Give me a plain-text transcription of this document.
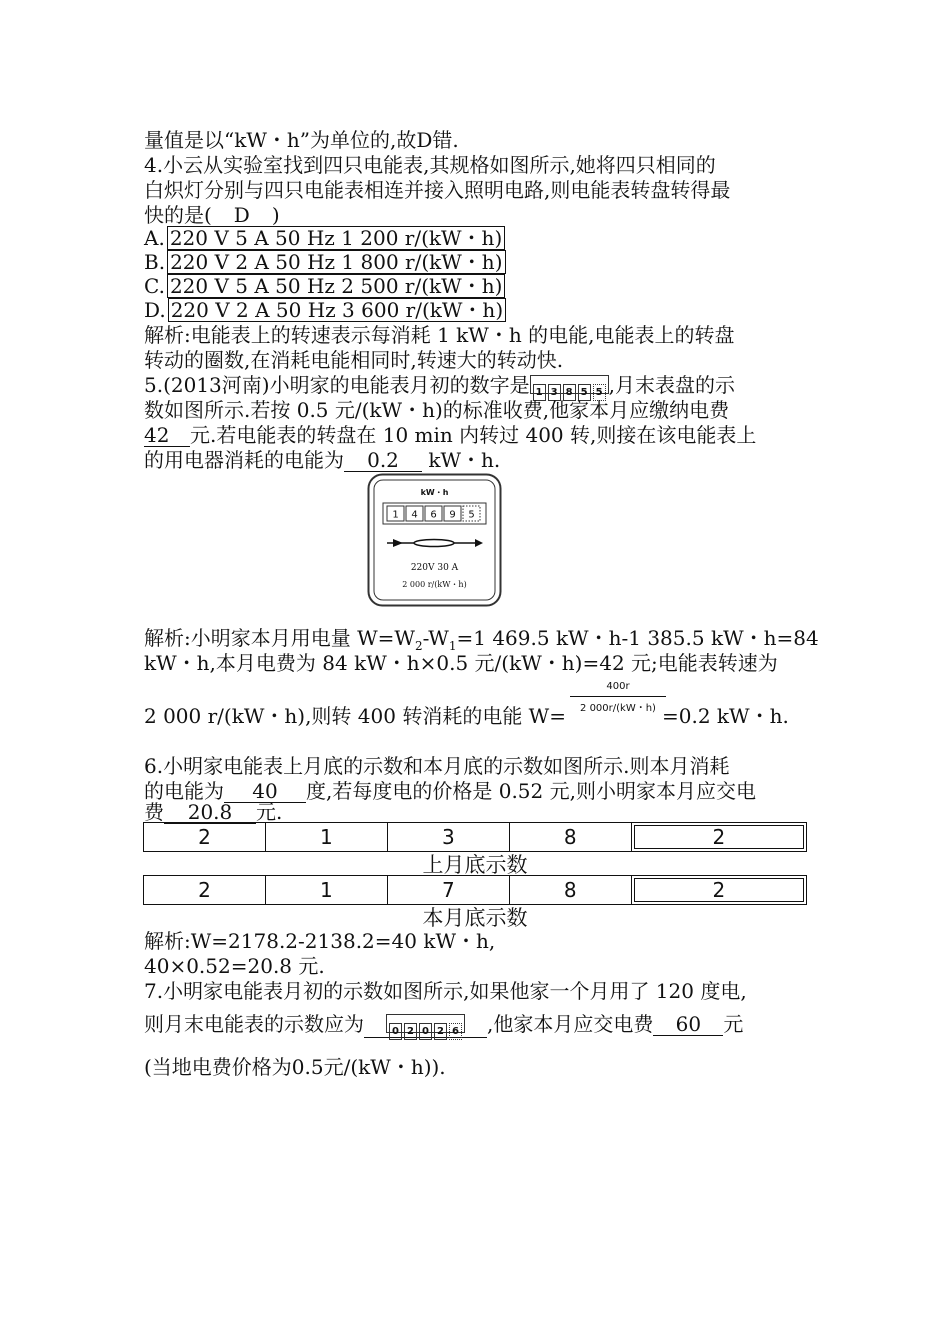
量值是以“kW・h”为单位的,故D错.
4.小云从实验室找到四只电能表,其规格如图所示,她将四只相同的
白炽灯分别与四只电能表相连并接入照明电路,则电能表转盘转得最
快的是( D )
A. 220 V 5 A 50 Hz 1 200 r/(kW・h)
B. 220 V 2 A 50 Hz 1 800 r/(kW・h)
C. 220 V 5 A 50 Hz 2 500 r/(kW・h)
D. 220 V 2 A 50 Hz 3 600 r/(kW・h)
解析:电能表上的转速表示每消耗 1 kW・h 的电能,电能表上的转盘
转动的圈数,在消耗电能相同时,转速大的转动快.
5.(2013河南)小明家的电能表月初的数字是 1 3 8 5 5 ,月末表盘的示
数如图所示.若按 0.5 元/(kW・h)的标准收费,他家本月应缴纳电费
42 元.若电能表的转盘在 10 min 内转过 400 转,则接在该电能表上
的用电器消耗的电能为 0.2 kW・h.
kW・h
1 4 6 9 5
220V 30 A
2 000 r/(kW・h)
解析:小明家本月用电量 $W=W_2-W_1=1$ 469.5 kW・h-1 385.5 kW・h=84
kW・h,本月电费为 84 kW・h×0.5 元/(kW・h)=42 元;电能表转速为
2 000 r/(kW・h),则转 400 转消耗的电能 W=	=0.2 kW・h.
400r
2 000r/(kW・h)
6.小明家电能表上月底的示数和本月底的示数如图所示.则本月消耗
的电能为 40 度,若每度电的价格是 0.52 元,则小明家本月应交电
费 20.8 元.
2	1	3	8	2
上月底示数
2	1	7	8	2
本月底示数
解析:W=2178.2-2138.2=40 kW・h,
40×0.52=20.8 元.
7.小明家电能表月初的示数如图所示,如果他家一个月用了 120 度电,
则月末电能表的示数应为	0 2 0 2 6 ,他家本月应交电费 60 元
(当地电费价格为0.5元/(kW・h)).
